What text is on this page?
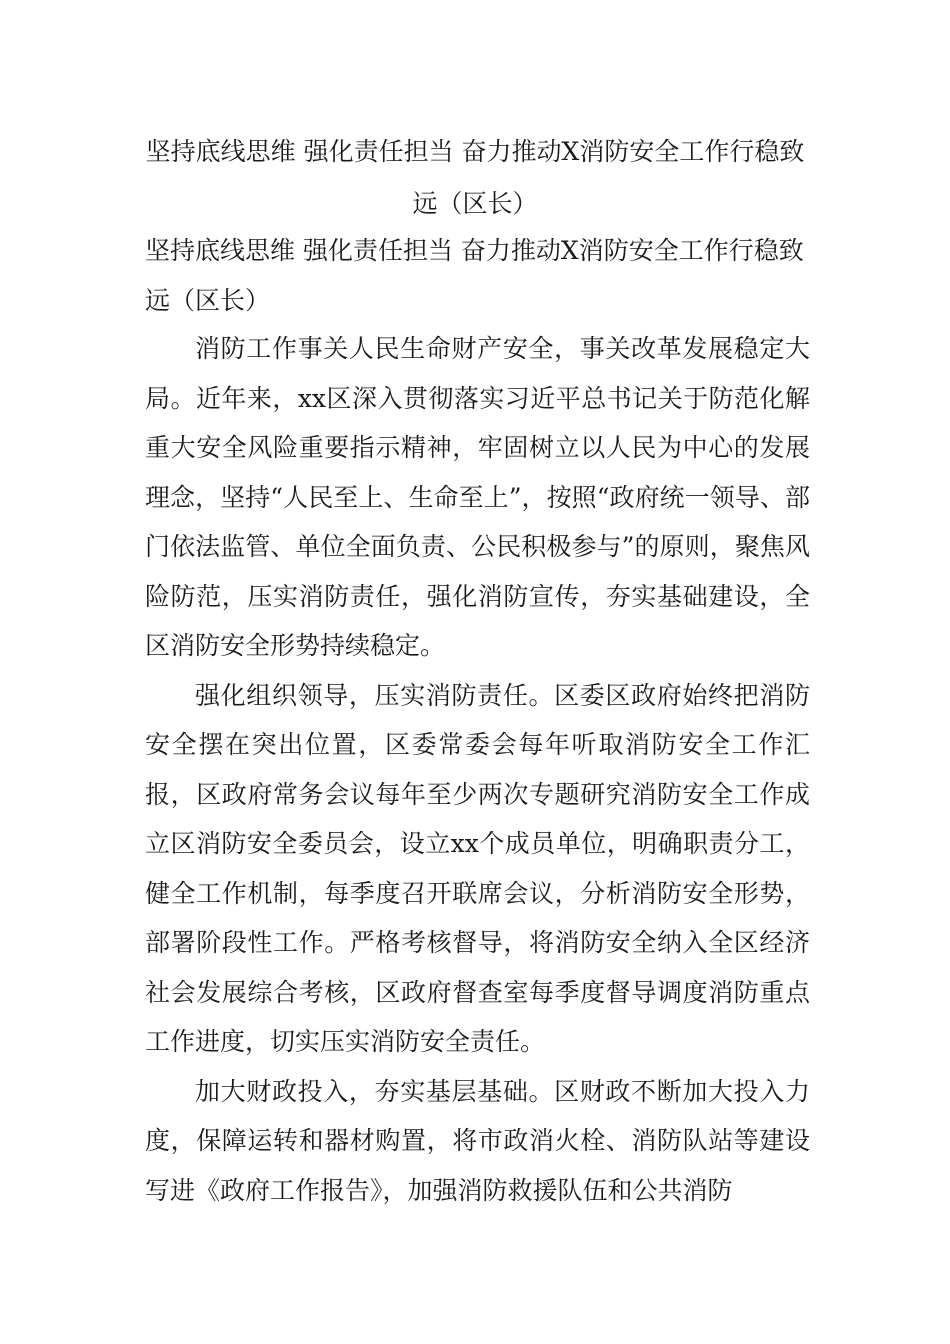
坚持底线思维 强化责任担当 奋力推动X消防安全工作行稳致远（区长）
坚持底线思维 强化责任担当 奋力推动X消防安全工作行稳致远（区长）

消防工作事关人民生命财产安全，事关改革发展稳定大局。近年来，xx区深入贯彻落实习近平总书记关于防范化解重大安全风险重要指示精神，牢固树立以人民为中心的发展理念，坚持“人民至上、生命至上”，按照“政府统一领导、部门依法监管、单位全面负责、公民积极参与”的原则，聚焦风险防范，压实消防责任，强化消防宣传，夯实基础建设，全区消防安全形势持续稳定。

强化组织领导，压实消防责任。区委区政府始终把消防安全摆在突出位置，区委常委会每年听取消防安全工作汇报，区政府常务会议每年至少两次专题研究消防安全工作成立区消防安全委员会，设立xx个成员单位，明确职责分工，健全工作机制，每季度召开联席会议，分析消防安全形势，部署阶段性工作。严格考核督导，将消防安全纳入全区经济社会发展综合考核，区政府督查室每季度督导调度消防重点工作进度，切实压实消防安全责任。

加大财政投入，夯实基层基础。区财政不断加大投入力度，保障运转和器材购置，将市政消火栓、消防队站等建设写进《政府工作报告》，加强消防救援队伍和公共消防
